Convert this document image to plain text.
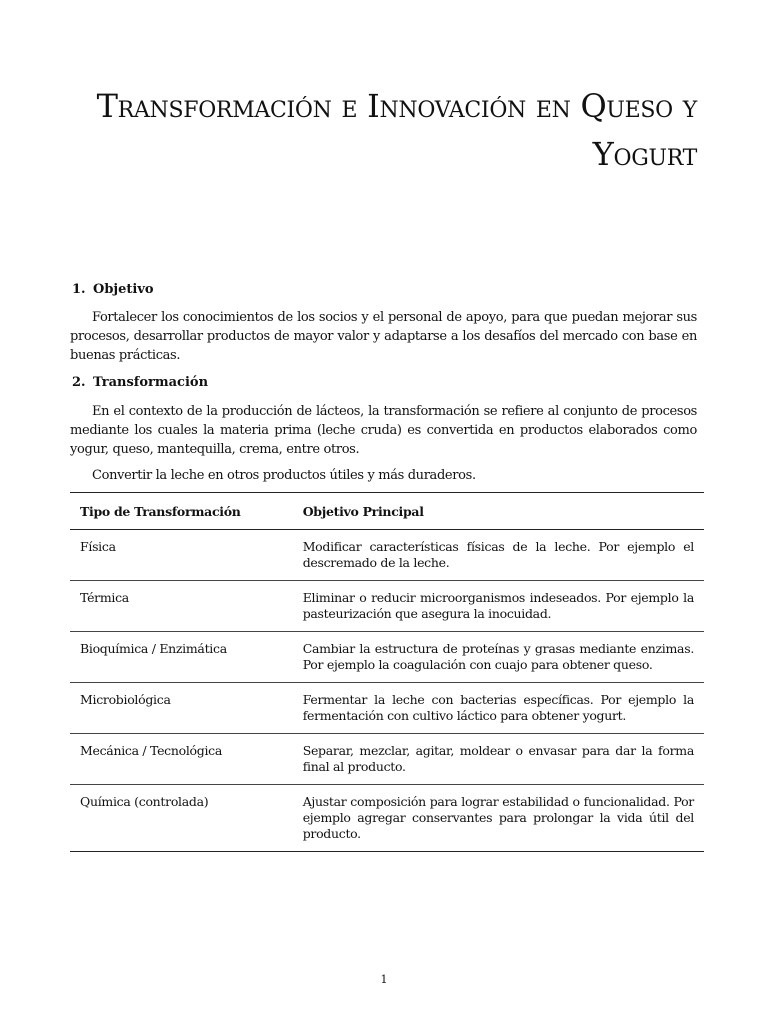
Transformación e Innovación en Queso y Yogurt
1. Objetivo

Fortalecer los conocimientos de los socios y el personal de apoyo, para que puedan mejorar sus procesos, desarrollar productos de mayor valor y adaptarse a los desafíos del mercado con base en buenas prácticas.

2. Transformación

En el contexto de la producción de lácteos, la transformación se refiere al conjunto de procesos mediante los cuales la materia prima (leche cruda) es convertida en productos elaborados como yogur, queso, mantequilla, crema, entre otros.

Convertir la leche en otros productos útiles y más duraderos.

Tipo de Transformación	Objetivo Principal
Física	Modificar características físicas de la leche. Por ejemplo el descremado de la leche.
Térmica	Eliminar o reducir microorganismos indeseados. Por ejemplo la pasteurización que asegura la inocuidad.
Bioquímica / Enzimática	Cambiar la estructura de proteínas y grasas mediante enzimas. Por ejemplo la coagulación con cuajo para obtener queso.
Microbiológica	Fermentar la leche con bacterias específicas. Por ejemplo la fermentación con cultivo láctico para obtener yogurt.
Mecánica / Tecnológica	Separar, mezclar, agitar, moldear o envasar para dar la forma final al producto.
Química (controlada)	Ajustar composición para lograr estabilidad o funcionalidad. Por ejemplo agregar conservantes para prolongar la vida útil del producto.
1
